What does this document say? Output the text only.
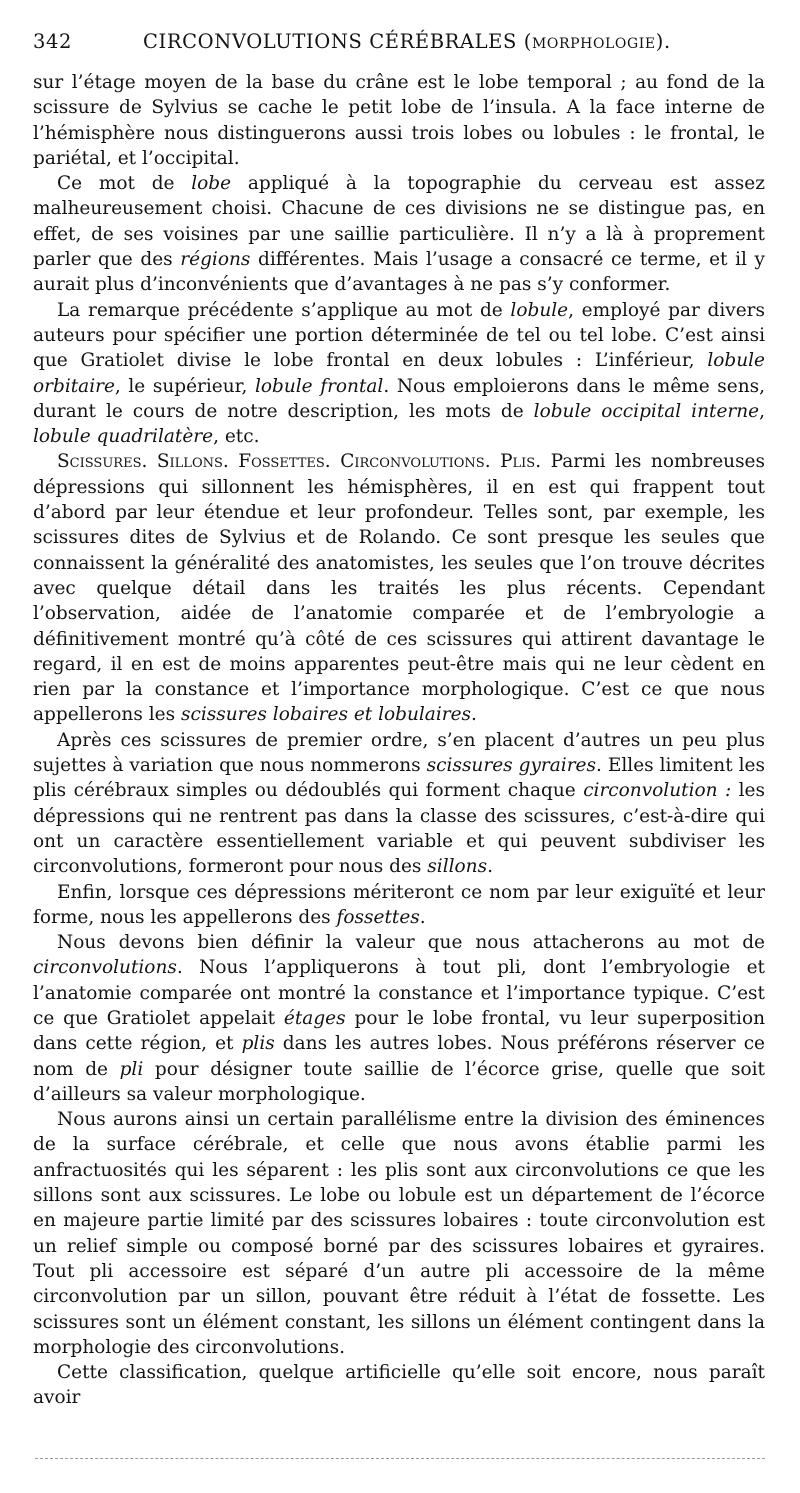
342	CIRCONVOLUTIONS CÉRÉBRALES (morphologie).

sur l’étage moyen de la base du crâne est le lobe temporal ; au fond de la scissure de Sylvius se cache le petit lobe de l’insula. A la face interne de l’hémisphère nous distinguerons aussi trois lobes ou lobules : le frontal, le pariétal, et l’occipital.

Ce mot de lobe appliqué à la topographie du cerveau est assez malheureusement choisi. Chacune de ces divisions ne se distingue pas, en effet, de ses voisines par une saillie particulière. Il n’y a là à proprement parler que des régions différentes. Mais l’usage a consacré ce terme, et il y aurait plus d’inconvénients que d’avantages à ne pas s’y conformer.

La remarque précédente s’applique au mot de lobule, employé par divers auteurs pour spécifier une portion déterminée de tel ou tel lobe. C’est ainsi que Gratiolet divise le lobe frontal en deux lobules : L’inférieur, lobule orbitaire, le supérieur, lobule frontal. Nous emploierons dans le même sens, durant le cours de notre description, les mots de lobule occipital interne, lobule quadrilatère, etc.

Scissures. Sillons. Fossettes. Circonvolutions. Plis. Parmi les nombreuses dépressions qui sillonnent les hémisphères, il en est qui frappent tout d’abord par leur étendue et leur profondeur. Telles sont, par exemple, les scissures dites de Sylvius et de Rolando. Ce sont presque les seules que connaissent la généralité des anatomistes, les seules que l’on trouve décrites avec quelque détail dans les traités les plus récents. Cependant l’observation, aidée de l’anatomie comparée et de l’embryologie a définitivement montré qu’à côté de ces scissures qui attirent davantage le regard, il en est de moins apparentes peut-être mais qui ne leur cèdent en rien par la constance et l’importance morphologique. C’est ce que nous appellerons les scissures lobaires et lobulaires.

Après ces scissures de premier ordre, s’en placent d’autres un peu plus sujettes à variation que nous nommerons scissures gyraires. Elles limitent les plis cérébraux simples ou dédoublés qui forment chaque circonvolution : les dépressions qui ne rentrent pas dans la classe des scissures, c’est-à-dire qui ont un caractère essentiellement variable et qui peuvent subdiviser les circonvolutions, formeront pour nous des sillons.

Enfin, lorsque ces dépressions mériteront ce nom par leur exiguïté et leur forme, nous les appellerons des fossettes.

Nous devons bien définir la valeur que nous attacherons au mot de circonvolutions. Nous l’appliquerons à tout pli, dont l’embryologie et l’anatomie comparée ont montré la constance et l’importance typique. C’est ce que Gratiolet appelait étages pour le lobe frontal, vu leur superposition dans cette région, et plis dans les autres lobes. Nous préférons réserver ce nom de pli pour désigner toute saillie de l’écorce grise, quelle que soit d’ailleurs sa valeur morphologique.

Nous aurons ainsi un certain parallélisme entre la division des éminences de la surface cérébrale, et celle que nous avons établie parmi les anfractuosités qui les séparent : les plis sont aux circonvolutions ce que les sillons sont aux scissures. Le lobe ou lobule est un département de l’écorce en majeure partie limité par des scissures lobaires : toute circonvolution est un relief simple ou composé borné par des scissures lobaires et gyraires. Tout pli accessoire est séparé d’un autre pli accessoire de la même circonvolution par un sillon, pouvant être réduit à l’état de fossette. Les scissures sont un élément constant, les sillons un élément contingent dans la morphologie des circonvolutions.

Cette classification, quelque artificielle qu’elle soit encore, nous paraît avoir
